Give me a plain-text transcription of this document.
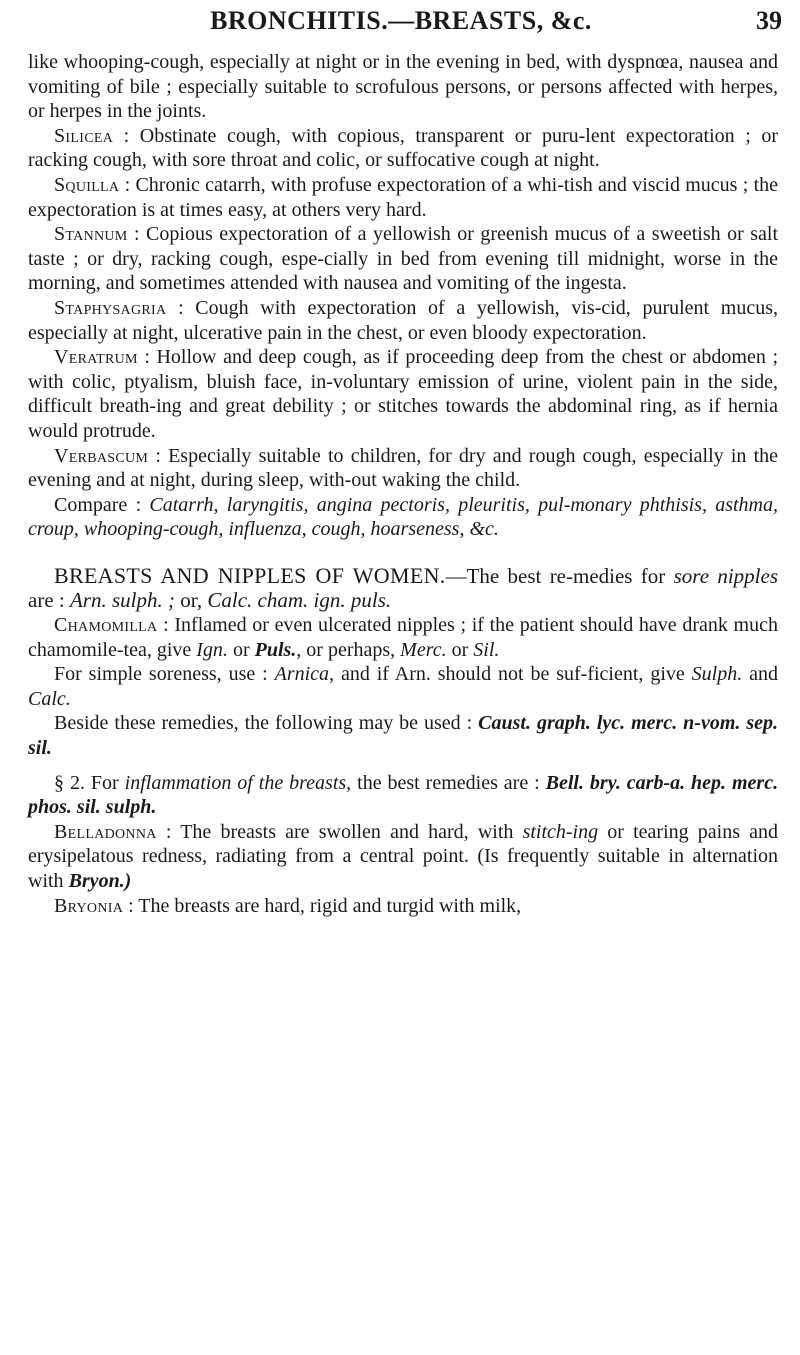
BRONCHITIS.—BREASTS, &c.	39

like whooping-cough, especially at night or in the evening in bed, with dyspnœa, nausea and vomiting of bile ; especially suitable to scrofulous persons, or persons affected with herpes, or herpes in the joints.

Silicea : Obstinate cough, with copious, transparent or puru-lent expectoration ; or racking cough, with sore throat and colic, or suffocative cough at night.

Squilla : Chronic catarrh, with profuse expectoration of a whi-tish and viscid mucus ; the expectoration is at times easy, at others very hard.

Stannum : Copious expectoration of a yellowish or greenish mucus of a sweetish or salt taste ; or dry, racking cough, espe-cially in bed from evening till midnight, worse in the morning, and sometimes attended with nausea and vomiting of the ingesta.

Staphysagria : Cough with expectoration of a yellowish, vis-cid, purulent mucus, especially at night, ulcerative pain in the chest, or even bloody expectoration.

Veratrum : Hollow and deep cough, as if proceeding deep from the chest or abdomen ; with colic, ptyalism, bluish face, in-voluntary emission of urine, violent pain in the side, difficult breath-ing and great debility ; or stitches towards the abdominal ring, as if hernia would protrude.

Verbascum : Especially suitable to children, for dry and rough cough, especially in the evening and at night, during sleep, with-out waking the child.

Compare : Catarrh, laryngitis, angina pectoris, pleuritis, pul-monary phthisis, asthma, croup, whooping-cough, influenza, cough, hoarseness, &c.

BREASTS AND NIPPLES OF WOMEN.—The best re-medies for sore nipples are : Arn. sulph. ; or, Calc. cham. ign. puls.

Chamomilla : Inflamed or even ulcerated nipples ; if the patient should have drank much chamomile-tea, give Ign. or Puls., or perhaps, Merc. or Sil.

For simple soreness, use : Arnica, and if Arn. should not be suf-ficient, give Sulph. and Calc.

Beside these remedies, the following may be used : Caust. graph. lyc. merc. n-vom. sep. sil.

§ 2. For inflammation of the breasts, the best remedies are : Bell. bry. carb-a. hep. merc. phos. sil. sulph.

Belladonna : The breasts are swollen and hard, with stitch-ing or tearing pains and erysipelatous redness, radiating from a central point. (Is frequently suitable in alternation with Bryon.)

Bryonia : The breasts are hard, rigid and turgid with milk,
